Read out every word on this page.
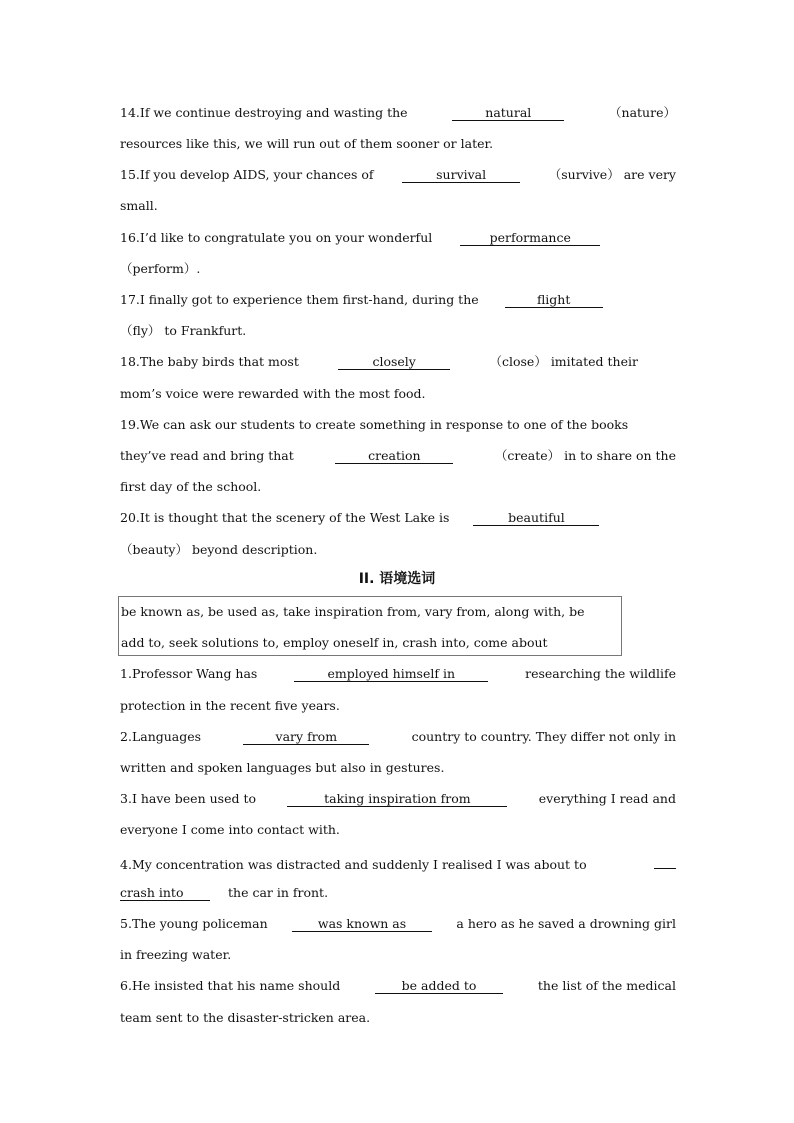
14.If we continue destroying and wasting the	natural	（nature）
resources like this, we will run out of them sooner or later.
15.If you develop AIDS, your chances of	survival	（survive） are very
small.
16.I’d like to congratulate you on your wonderful	performance
（perform）.
17.I finally got to experience them first-hand, during the	flight
（fly） to Frankfurt.
18.The baby birds that most	closely	（close） imitated their
mom’s voice were rewarded with the most food.
19.We can ask our students to create something in response to one of the books
they’ve read and bring that	creation	（create） in to share on the
first day of the school.
20.It is thought that the scenery of the West Lake is	beautiful
（beauty） beyond description.
II. 语境选词
be known as, be used as, take inspiration from, vary from, along with, be
add to, seek solutions to, employ oneself in, crash into, come about
1.Professor Wang has	employed himself in	researching the wildlife
protection in the recent five years.
2.Languages	vary from	country to country. They differ not only in
written and spoken languages but also in gestures.
3.I have been used to	taking inspiration from	everything I read and
everyone I come into contact with.
4.My concentration was distracted and suddenly I realised I was about to
crash into	the car in front.
5.The young policeman	was known as	a hero as he saved a drowning girl
in freezing water.
6.He insisted that his name should	be added to	the list of the medical
team sent to the disaster-stricken area.
